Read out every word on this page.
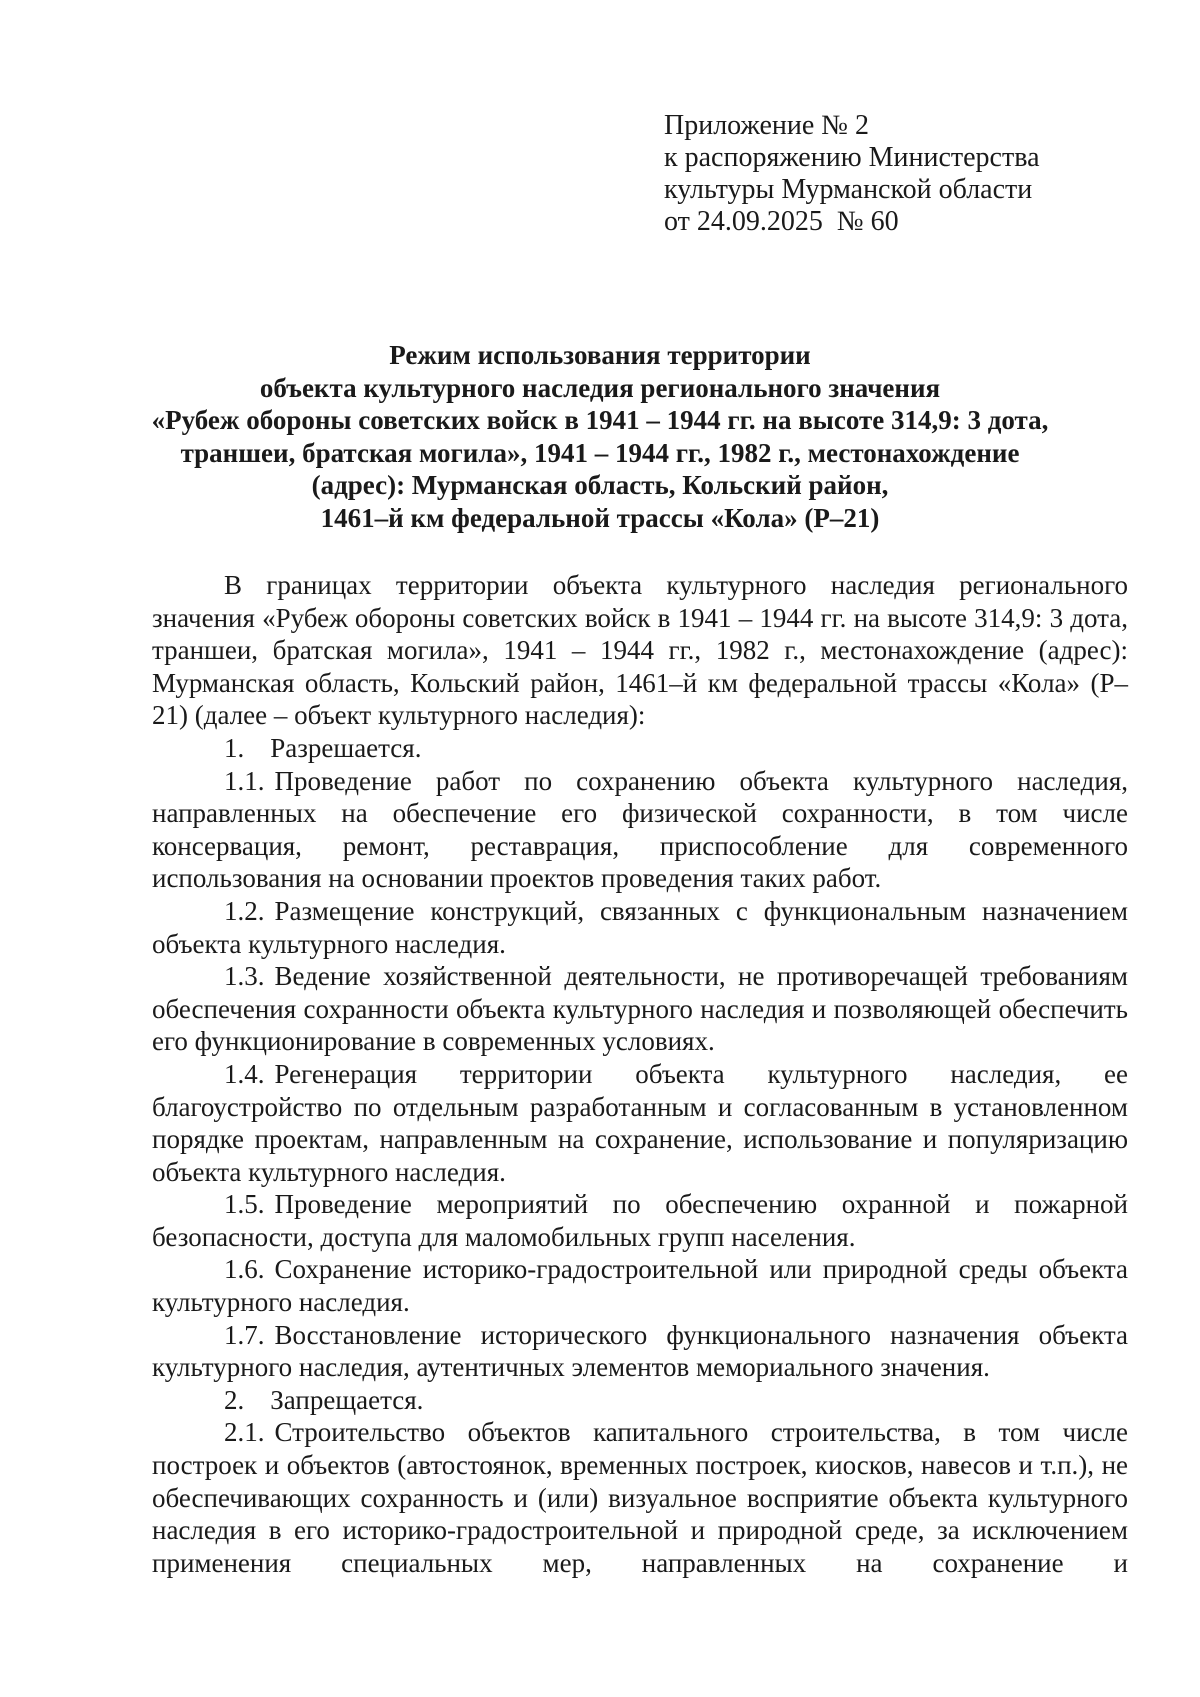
Приложение № 2
к распоряжению Министерства
культуры Мурманской области
от 24.09.2025  № 60
Режим использования территории
объекта культурного наследия регионального значения
«Рубеж обороны советских войск в 1941 – 1944 гг. на высоте 314,9: 3 дота,
траншеи, братская могила», 1941 – 1944 гг., 1982 г., местонахождение
(адрес): Мурманская область, Кольский район,
1461–й км федеральной трассы «Кола» (Р–21)

В границах территории объекта культурного наследия регионального значения «Рубеж обороны советских войск в 1941 – 1944 гг. на высоте 314,9: 3 дота, траншеи, братская могила», 1941 – 1944 гг., 1982 г., местонахождение (адрес): Мурманская область, Кольский район, 1461–й км федеральной трассы «Кола» (Р–21) (далее – объект культурного наследия):

1. Разрешается.

1.1. Проведение работ по сохранению объекта культурного наследия, направленных на обеспечение его физической сохранности, в том числе консервация, ремонт, реставрация, приспособление для современного использования на основании проектов проведения таких работ.

1.2. Размещение конструкций, связанных с функциональным назначением объекта культурного наследия.

1.3. Ведение хозяйственной деятельности, не противоречащей требованиям обеспечения сохранности объекта культурного наследия и позволяющей обеспечить его функционирование в современных условиях.

1.4. Регенерация территории объекта культурного наследия, ее благоустройство по отдельным разработанным и согласованным в установленном порядке проектам, направленным на сохранение, использование и популяризацию объекта культурного наследия.

1.5. Проведение мероприятий по обеспечению охранной и пожарной безопасности, доступа для маломобильных групп населения.

1.6. Сохранение историко-градостроительной или природной среды объекта культурного наследия.

1.7. Восстановление исторического функционального назначения объекта культурного наследия, аутентичных элементов мемориального значения.

2. Запрещается.

2.1. Строительство объектов капитального строительства, в том числе построек и объектов (автостоянок, временных построек, киосков, навесов и т.п.), не обеспечивающих сохранность и (или) визуальное восприятие объекта культурного наследия в его историко-градостроительной и природной среде, за исключением применения специальных мер, направленных на сохранение и
